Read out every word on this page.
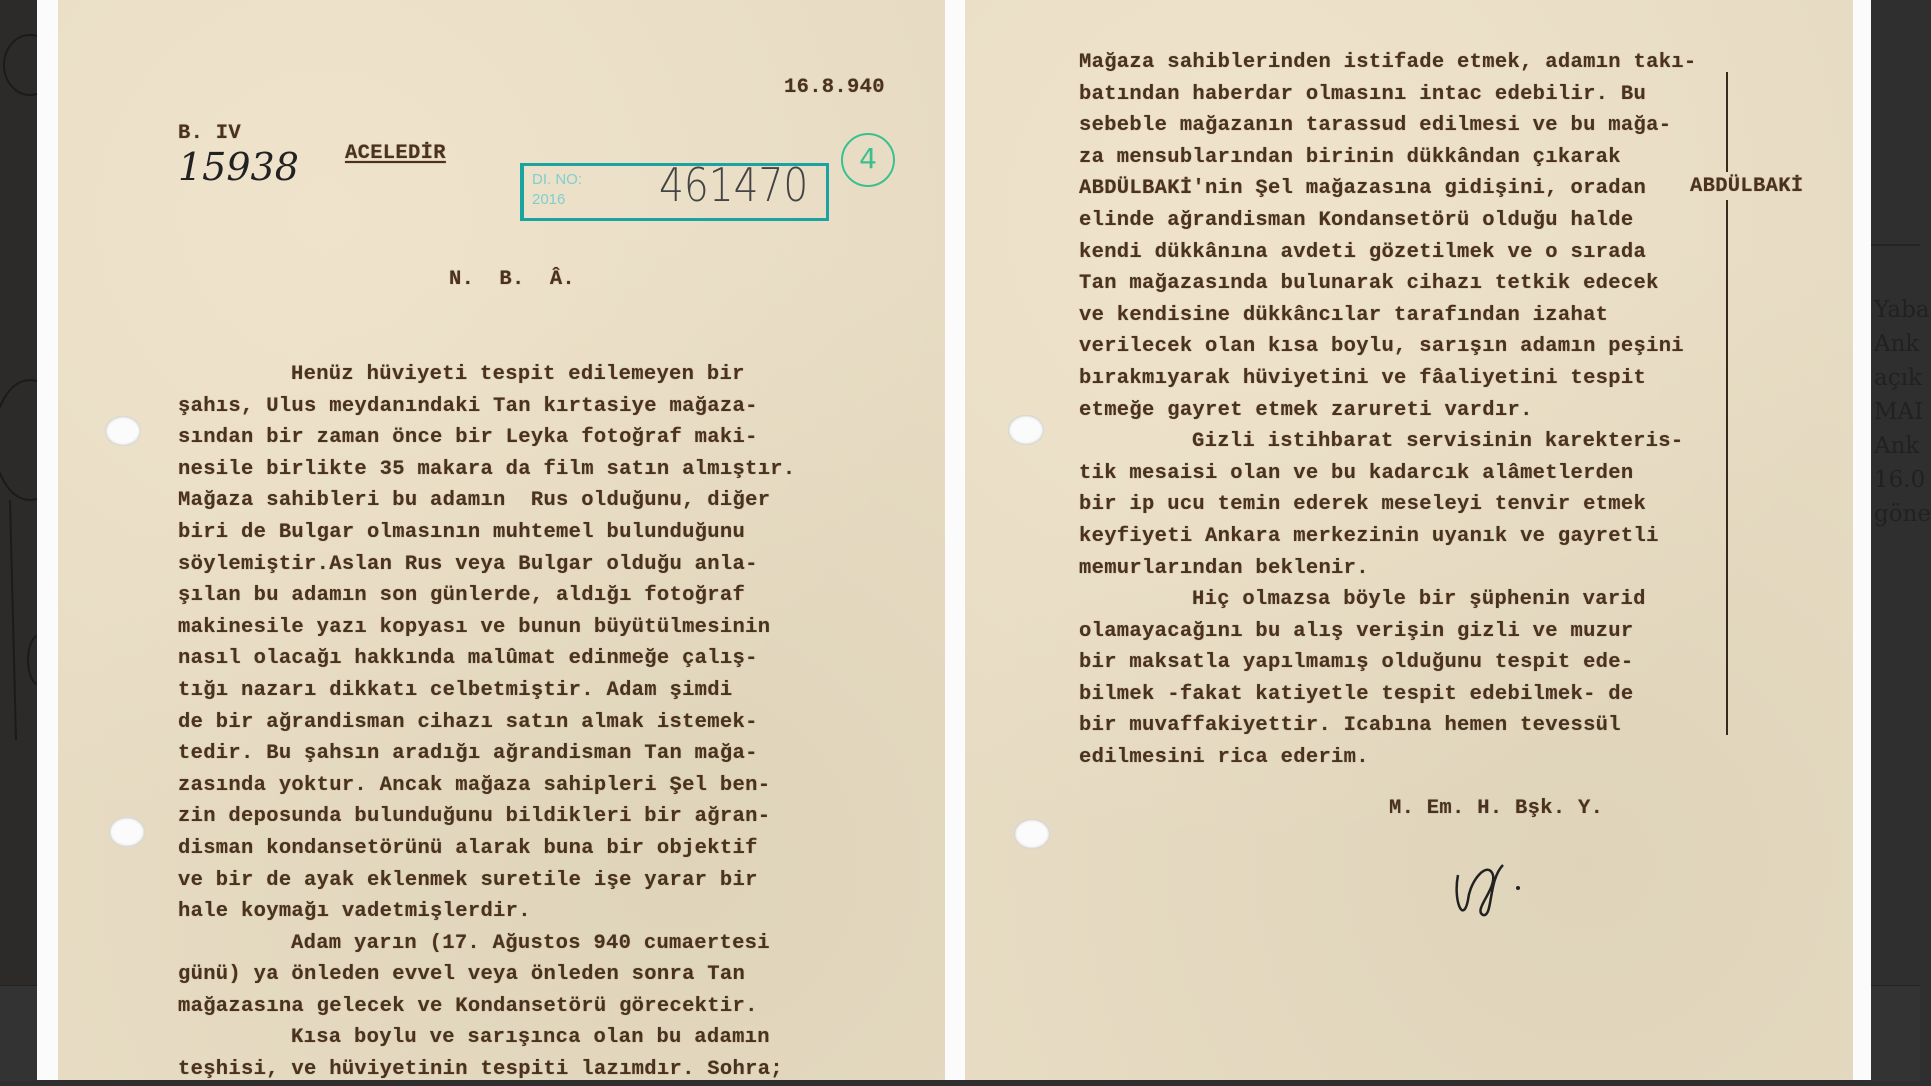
Yaba
Ank
açık
MAI
Ank
16.0
göne
16.8.940
B. IV
15938 ACELEDİR
DI. NO:
2016	461470	4
N.  B.  Â.
Henüz hüviyeti tespit edilemeyen bir
şahıs, Ulus meydanındaki Tan kırtasiye mağaza-
sından bir zaman önce bir Leyka fotoğraf maki-
nesile birlikte 35 makara da film satın almıştır.
Mağaza sahibleri bu adamın  Rus olduğunu, diğer
biri de Bulgar olmasının muhtemel bulunduğunu
söylemiştir.Aslan Rus veya Bulgar olduğu anla-
şılan bu adamın son günlerde, aldığı fotoğraf
makinesile yazı kopyası ve bunun büyütülmesinin
nasıl olacağı hakkında malûmat edinmeğe çalış-
tığı nazarı dikkatı celbetmiştir. Adam şimdi
de bir ağrandisman cihazı satın almak istemek-
tedir. Bu şahsın aradığı ağrandisman Tan mağa-
zasında yoktur. Ancak mağaza sahipleri Şel ben-
zin deposunda bulunduğunu bildikleri bir ağran-
disman kondansetörünü alarak buna bir objektif
ve bir de ayak eklenmek suretile işe yarar bir
hale koymağı vadetmişlerdir.
Adam yarın (17. Ağustos 940 cumaertesi
günü) ya önleden evvel veya önleden sonra Tan
mağazasına gelecek ve Kondansetörü görecektir.
Kısa boylu ve sarışınca olan bu adamın
teşhisi, ve hüviyetinin tespiti lazımdır. Sohra;
Mağaza sahiblerinden istifade etmek, adamın takı-
batından haberdar olmasını intac edebilir. Bu
sebeble mağazanın tarassud edilmesi ve bu mağa-
za mensublarından birinin dükkândan çıkarak
ABDÜLBAKİ'nin Şel mağazasına gidişini, oradan
elinde ağrandisman Kondansetörü olduğu halde
kendi dükkânına avdeti gözetilmek ve o sırada
Tan mağazasında bulunarak cihazı tetkik edecek
ve kendisine dükkâncılar tarafından izahat
verilecek olan kısa boylu, sarışın adamın peşini
bırakmıyarak hüviyetini ve fâaliyetini tespit
etmeğe gayret etmek zarureti vardır.
Gizli istihbarat servisinin karekteris-
tik mesaisi olan ve bu kadarcık alâmetlerden
bir ip ucu temin ederek meseleyi tenvir etmek
keyfiyeti Ankara merkezinin uyanık ve gayretli
memurlarından beklenir.
Hiç olmazsa böyle bir şüphenin varid
olamayacağını bu alış verişin gizli ve muzur
bir maksatla yapılmamış olduğunu tespit ede-
bilmek -fakat katiyetle tespit edebilmek- de
bir muvaffakiyettir. Icabına hemen tevessül
edilmesini rica ederim.
ABDÜLBAKİ
M. Em. H. Bşk. Y.
